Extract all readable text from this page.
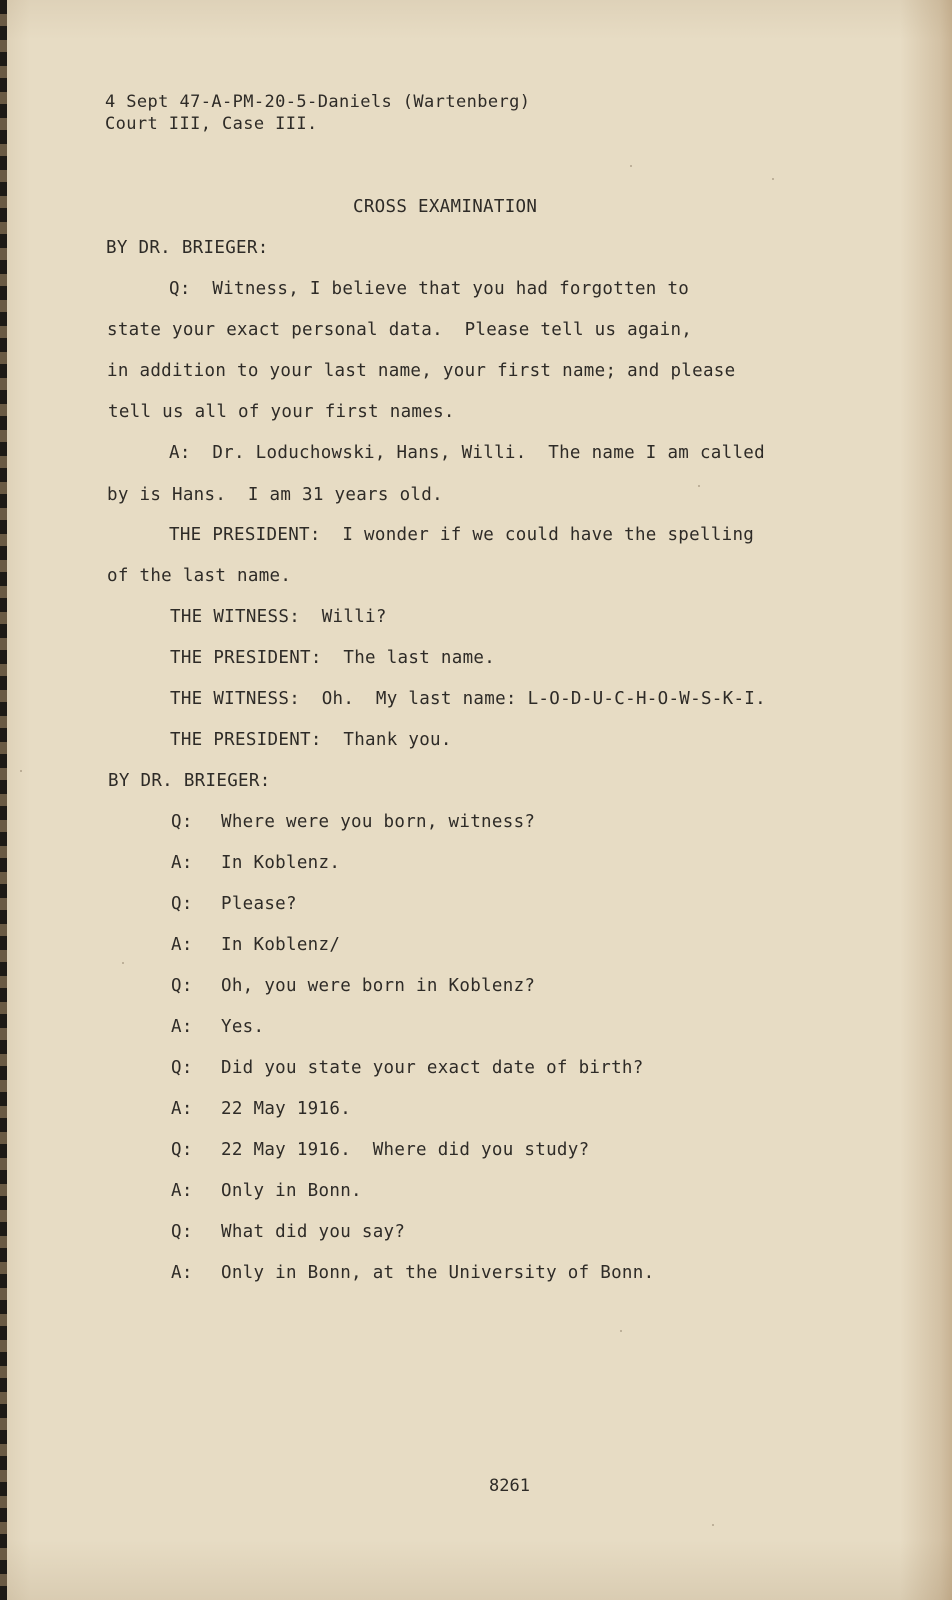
4 Sept 47-A-PM-20-5-Daniels (Wartenberg)
Court III, Case III.
CROSS EXAMINATION
BY DR. BRIEGER:
Q:  Witness, I believe that you had forgotten to
state your exact personal data.  Please tell us again,
in addition to your last name, your first name; and please
tell us all of your first names.
A:  Dr. Loduchowski, Hans, Willi.  The name I am called
by is Hans.  I am 31 years old.
THE PRESIDENT:  I wonder if we could have the spelling
of the last name.
THE WITNESS:  Willi?
THE PRESIDENT:  The last name.
THE WITNESS:  Oh.  My last name: L-O-D-U-C-H-O-W-S-K-I.
THE PRESIDENT:  Thank you.
BY DR. BRIEGER:
Q: Where were you born, witness?
A: In Koblenz.
Q: Please?
A: In Koblenz/
Q: Oh, you were born in Koblenz?
A: Yes.
Q: Did you state your exact date of birth?
A: 22 May 1916.
Q: 22 May 1916.  Where did you study?
A: Only in Bonn.
Q: What did you say?
A: Only in Bonn, at the University of Bonn.
8261
